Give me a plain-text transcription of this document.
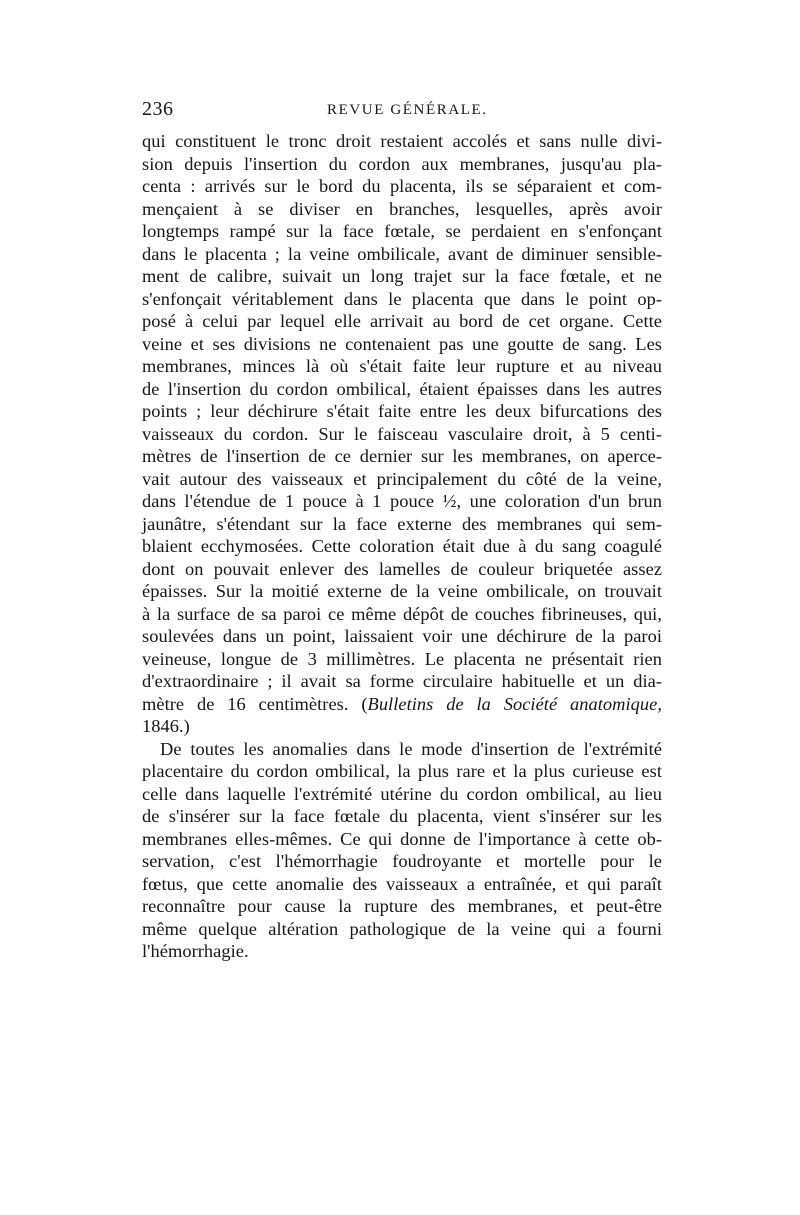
236	REVUE GÉNÉRALE.
qui constituent le tronc droit restaient accolés et sans nulle divi-
sion depuis l'insertion du cordon aux membranes, jusqu'au pla-
centa : arrivés sur le bord du placenta, ils se séparaient et com-
mençaient à se diviser en branches, lesquelles, après avoir
longtemps rampé sur la face fœtale, se perdaient en s'enfonçant
dans le placenta ; la veine ombilicale, avant de diminuer sensible-
ment de calibre, suivait un long trajet sur la face fœtale, et ne
s'enfonçait véritablement dans le placenta que dans le point op-
posé à celui par lequel elle arrivait au bord de cet organe. Cette
veine et ses divisions ne contenaient pas une goutte de sang. Les
membranes, minces là où s'était faite leur rupture et au niveau
de l'insertion du cordon ombilical, étaient épaisses dans les autres
points ; leur déchirure s'était faite entre les deux bifurcations des
vaisseaux du cordon. Sur le faisceau vasculaire droit, à 5 centi-
mètres de l'insertion de ce dernier sur les membranes, on aperce-
vait autour des vaisseaux et principalement du côté de la veine,
dans l'étendue de 1 pouce à 1 pouce ½, une coloration d'un brun
jaunâtre, s'étendant sur la face externe des membranes qui sem-
blaient ecchymosées. Cette coloration était due à du sang coagulé
dont on pouvait enlever des lamelles de couleur briquetée assez
épaisses. Sur la moitié externe de la veine ombilicale, on trouvait
à la surface de sa paroi ce même dépôt de couches fibrineuses, qui,
soulevées dans un point, laissaient voir une déchirure de la paroi
veineuse, longue de 3 millimètres. Le placenta ne présentait rien
d'extraordinaire ; il avait sa forme circulaire habituelle et un dia-
mètre de 16 centimètres. (Bulletins de la Société anatomique,
1846.)
De toutes les anomalies dans le mode d'insertion de l'extrémité
placentaire du cordon ombilical, la plus rare et la plus curieuse est
celle dans laquelle l'extrémité utérine du cordon ombilical, au lieu
de s'insérer sur la face fœtale du placenta, vient s'insérer sur les
membranes elles-mêmes. Ce qui donne de l'importance à cette ob-
servation, c'est l'hémorrhagie foudroyante et mortelle pour le
fœtus, que cette anomalie des vaisseaux a entraînée, et qui paraît
reconnaître pour cause la rupture des membranes, et peut-être
même quelque altération pathologique de la veine qui a fourni
l'hémorrhagie.
